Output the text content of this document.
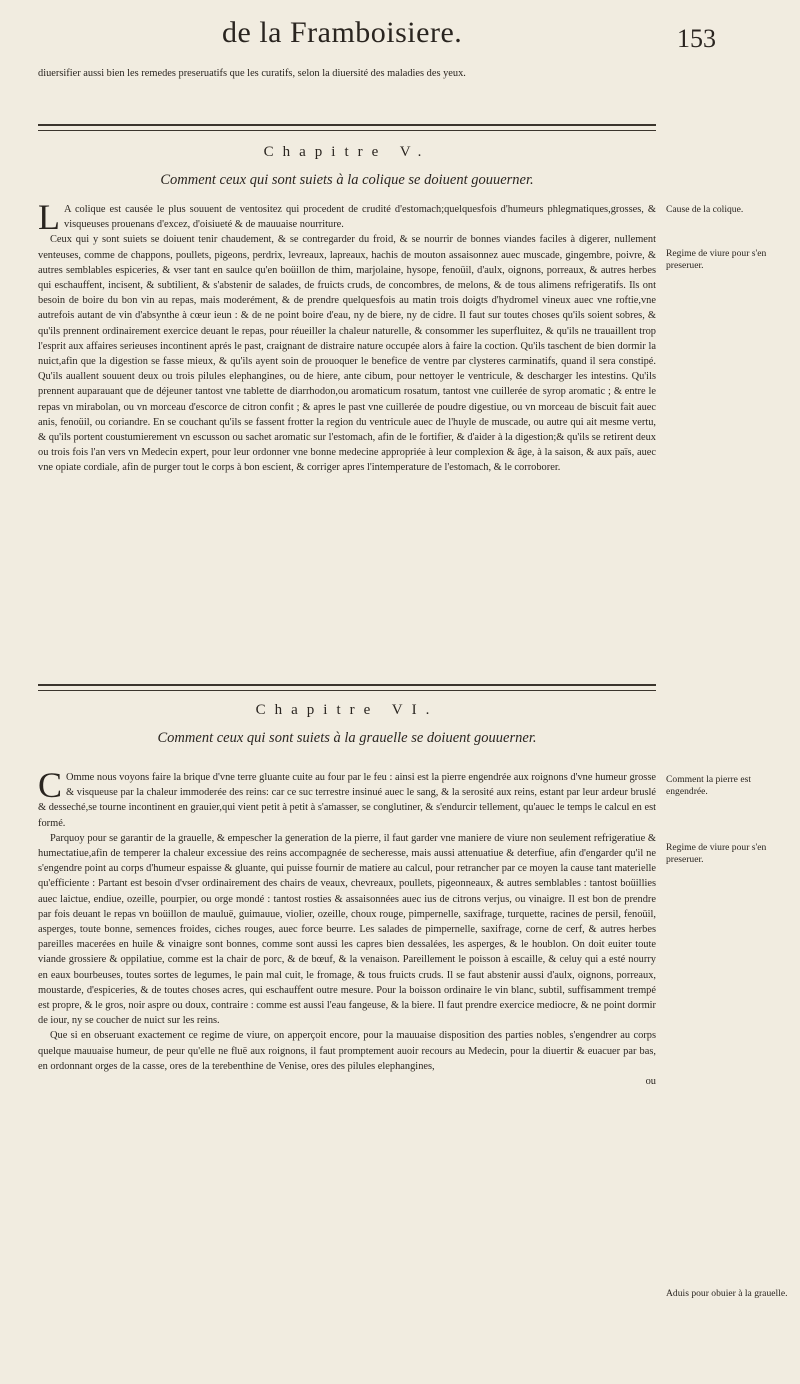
de la Framboisiere.	153

diuersifier aussi bien les remedes preseruatifs que les curatifs, selon la diuersité des maladies des yeux.

Chapitre V.
Comment ceux qui sont suiets à la colique se doiuent gouuerner.

L A colique est causée le plus souuent de ventositez qui procedent de crudité d'estomach;quelquesfois d'humeurs phlegmatiques,grosses, & visqueuses prouenans d'excez, d'oisiueté & de mauuaise nourriture.

Ceux qui y sont suiets se doiuent tenir chaudement, & se contregarder du froid, & se nourrir de bonnes viandes faciles à digerer, nullement venteuses, comme de chappons, poullets, pigeons, perdrix, levreaux, lapreaux, hachis de mouton assaisonnez auec muscade, gingembre, poivre, & autres semblables espiceries, & vser tant en saulce qu'en boüillon de thim, marjolaine, hysope, fenoüil, d'aulx, oignons, porreaux, & autres herbes qui eschauffent, incisent, & subtilient, & s'abstenir de salades, de fruicts cruds, de concombres, de melons, & de tous alimens refrigeratifs. Ils ont besoin de boire du bon vin au repas, mais moderément, & de prendre quelquesfois au matin trois doigts d'hydromel vineux auec vne roftie,vne autrefois autant de vin d'absynthe à cœur ieun : & de ne point boire d'eau, ny de biere, ny de cidre. Il faut sur toutes choses qu'ils soient sobres, & qu'ils prennent ordinairement exercice deuant le repas, pour réueiller la chaleur naturelle, & consommer les superfluitez, & qu'ils ne trauaillent trop l'esprit aux affaires serieuses incontinent aprés le past, craignant de distraire nature occupée alors à faire la coction. Qu'ils taschent de bien dormir la nuict,afin que la digestion se fasse mieux, & qu'ils ayent soin de prouoquer le benefice de ventre par clysteres carminatifs, quand il sera constipé. Qu'ils auallent souuent deux ou trois pilules elephangines, ou de hiere, ante cibum, pour nettoyer le ventricule, & descharger les intestins. Qu'ils prennent auparauant que de déjeuner tantost vne tablette de diarrhodon,ou aromaticum rosatum, tantost vne cuillerée de syrop aromatic ; & entre le repas vn mirabolan, ou vn morceau d'escorce de citron confit ; & apres le past vne cuillerée de poudre digestiue, ou vn morceau de biscuit fait auec anis, fenoüil, ou coriandre. En se couchant qu'ils se fassent frotter la region du ventricule auec de l'huyle de muscade, ou autre qui ait mesme vertu, & qu'ils portent coustumierement vn escusson ou sachet aromatic sur l'estomach, afin de le fortifier, & d'aider à la digestion;& qu'ils se retirent deux ou trois fois l'an vers vn Medecin expert, pour leur ordonner vne bonne medecine appropriée à leur complexion & âge, à la saison, & aux païs, auec vne opiate cordiale, afin de purger tout le corps à bon escient, & corriger apres l'intemperature de l'estomach, & le corroborer.

Chapitre VI.
Comment ceux qui sont suiets à la grauelle se doiuent gouuerner.

C Omme nous voyons faire la brique d'vne terre gluante cuite au four par le feu : ainsi est la pierre engendrée aux roignons d'vne humeur grosse & visqueuse par la chaleur immoderée des reins: car ce suc terrestre insinué auec le sang, & la serosité aux reins, estant par leur ardeur bruslé & desseché,se tourne incontinent en grauier,qui vient petit à petit à s'amasser, se conglutiner, & s'endurcir tellement, qu'auec le temps le calcul en est formé.

Parquoy pour se garantir de la grauelle, & empescher la generation de la pierre, il faut garder vne maniere de viure non seulement refrigeratiue & humectatiue,afin de temperer la chaleur excessiue des reins accompagnée de secheresse, mais aussi attenuatiue & deterfiue, afin d'engarder qu'il ne s'engendre point au corps d'humeur espaisse & gluante, qui puisse fournir de matiere au calcul, pour retrancher par ce moyen la cause tant materielle qu'efficiente : Partant est besoin d'vser ordinairement des chairs de veaux, chevreaux, poullets, pigeonneaux, & autres semblables : tantost boüillies auec laictue, endiue, ozeille, pourpier, ou orge mondé : tantost rosties & assaisonnées auec ius de citrons verjus, ou vinaigre. Il est bon de prendre par fois deuant le repas vn boüillon de mauluë, guimauue, violier, ozeille, choux rouge, pimpernelle, saxifrage, turquette, racines de persil, fenoüil, asperges, toute bonne, semences froides, ciches rouges, auec force beurre. Les salades de pimpernelle, saxifrage, corne de cerf, & autres herbes pareilles macerées en huile & vinaigre sont bonnes, comme sont aussi les capres bien dessalées, les asperges, & le houblon. On doit euiter toute viande grossiere & oppilatiue, comme est la chair de porc, & de bœuf, & la venaison. Pareillement le poisson à escaille, & celuy qui a esté nourry en eaux bourbeuses, toutes sortes de legumes, le pain mal cuit, le fromage, & tous fruicts cruds. Il se faut abstenir aussi d'aulx, oignons, porreaux, moustarde, d'espiceries, & de toutes choses acres, qui eschauffent outre mesure. Pour la boisson ordinaire le vin blanc, subtil, suffisamment trempé est propre, & le gros, noir aspre ou doux, contraire : comme est aussi l'eau fangeuse, & la biere. Il faut prendre exercice mediocre, & ne point dormir de iour, ny se coucher de nuict sur les reins.

Que si en obseruant exactement ce regime de viure, on apperçoit encore, pour la mauuaise disposition des parties nobles, s'engendrer au corps quelque mauuaise humeur, de peur qu'elle ne fluë aux roignons, il faut promptement auoir recours au Medecin, pour la diuertir & euacuer par bas, en ordonnant orges de la casse, ores de la terebenthine de Venise, ores des pilules elephangines,

ou

Cause de la colique.
Regime de viure pour s'en preseruer.
Comment la pierre est engendrée.
Regime de viure pour s'en preseruer.
Aduis pour obuier à la grauelle.
